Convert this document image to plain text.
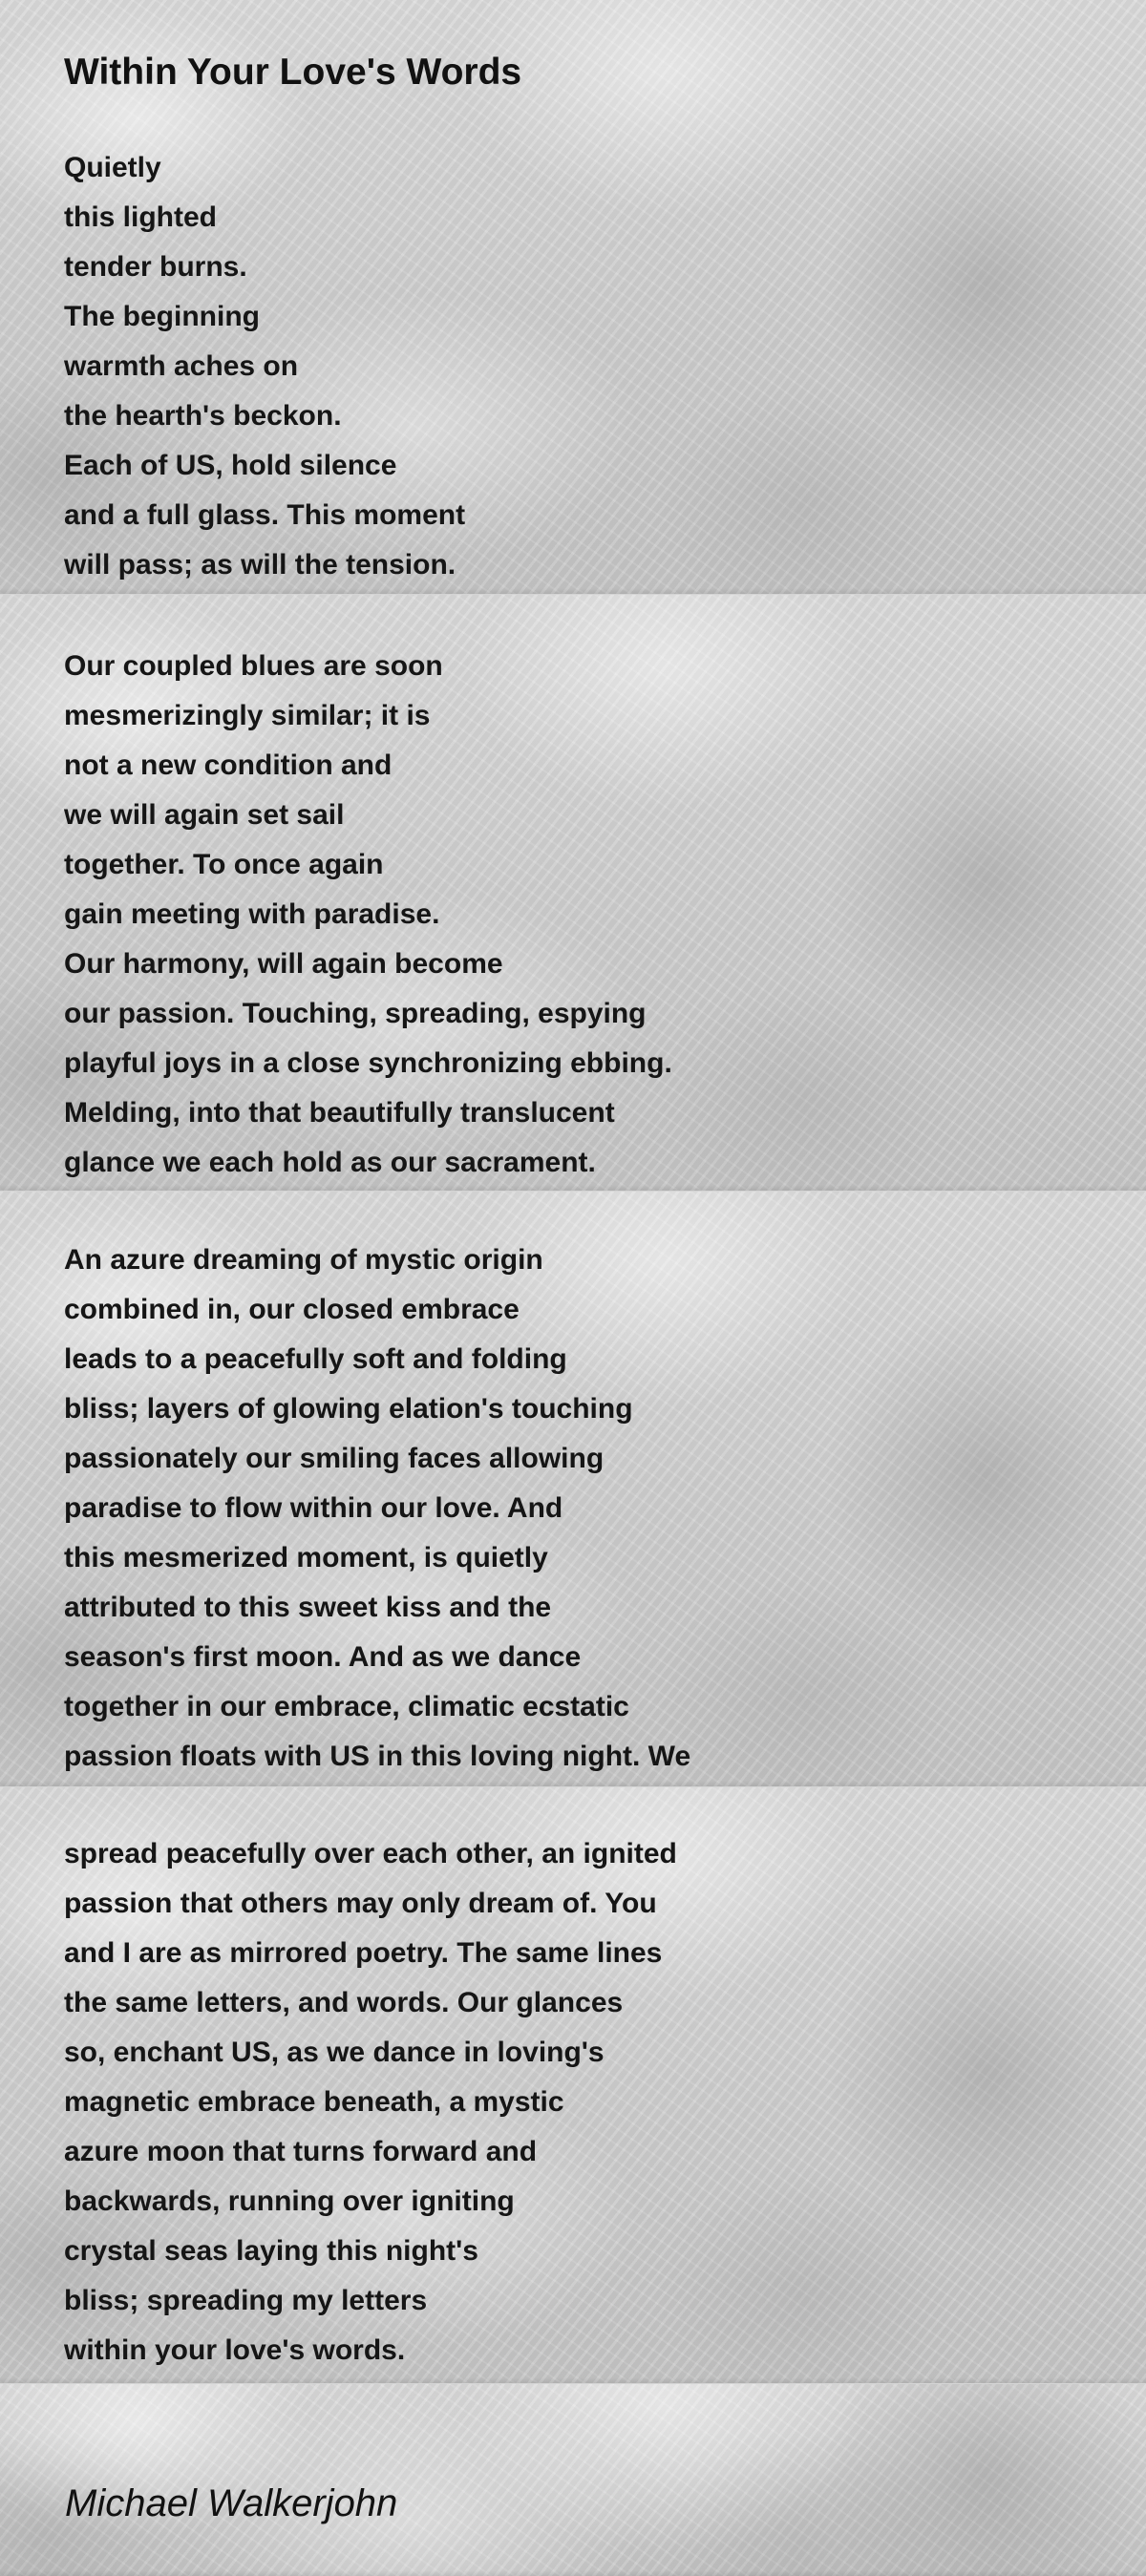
Within Your Love's Words
Quietly
this lighted
tender burns.
The beginning
warmth aches on
the hearth's beckon.
Each of US, hold silence
and a full glass. This moment
will pass; as will the tension.
Our coupled blues are soon
mesmerizingly similar; it is
not a new condition and
we will again set sail
together. To once again
gain meeting with paradise.
Our harmony, will again become
our passion. Touching, spreading, espying
playful joys in a close synchronizing ebbing.
Melding, into that beautifully translucent
glance we each hold as our sacrament.
An azure dreaming of mystic origin
combined in, our closed embrace
leads to a peacefully soft and folding
bliss; layers of glowing elation's touching
passionately our smiling faces allowing
paradise to flow within our love. And
this mesmerized moment, is quietly
attributed to this sweet kiss and the
season's first moon. And as we dance
together in our embrace, climatic ecstatic
passion floats with US in this loving night. We
spread peacefully over each other, an ignited
passion that others may only dream of. You
and I are as mirrored poetry. The same lines
the same letters, and words. Our glances
so, enchant US, as we dance in loving's
magnetic embrace beneath, a mystic
azure moon that turns forward and
backwards, running over igniting
crystal seas laying this night's
bliss; spreading my letters
within your love's words.

Michael Walkerjohn
